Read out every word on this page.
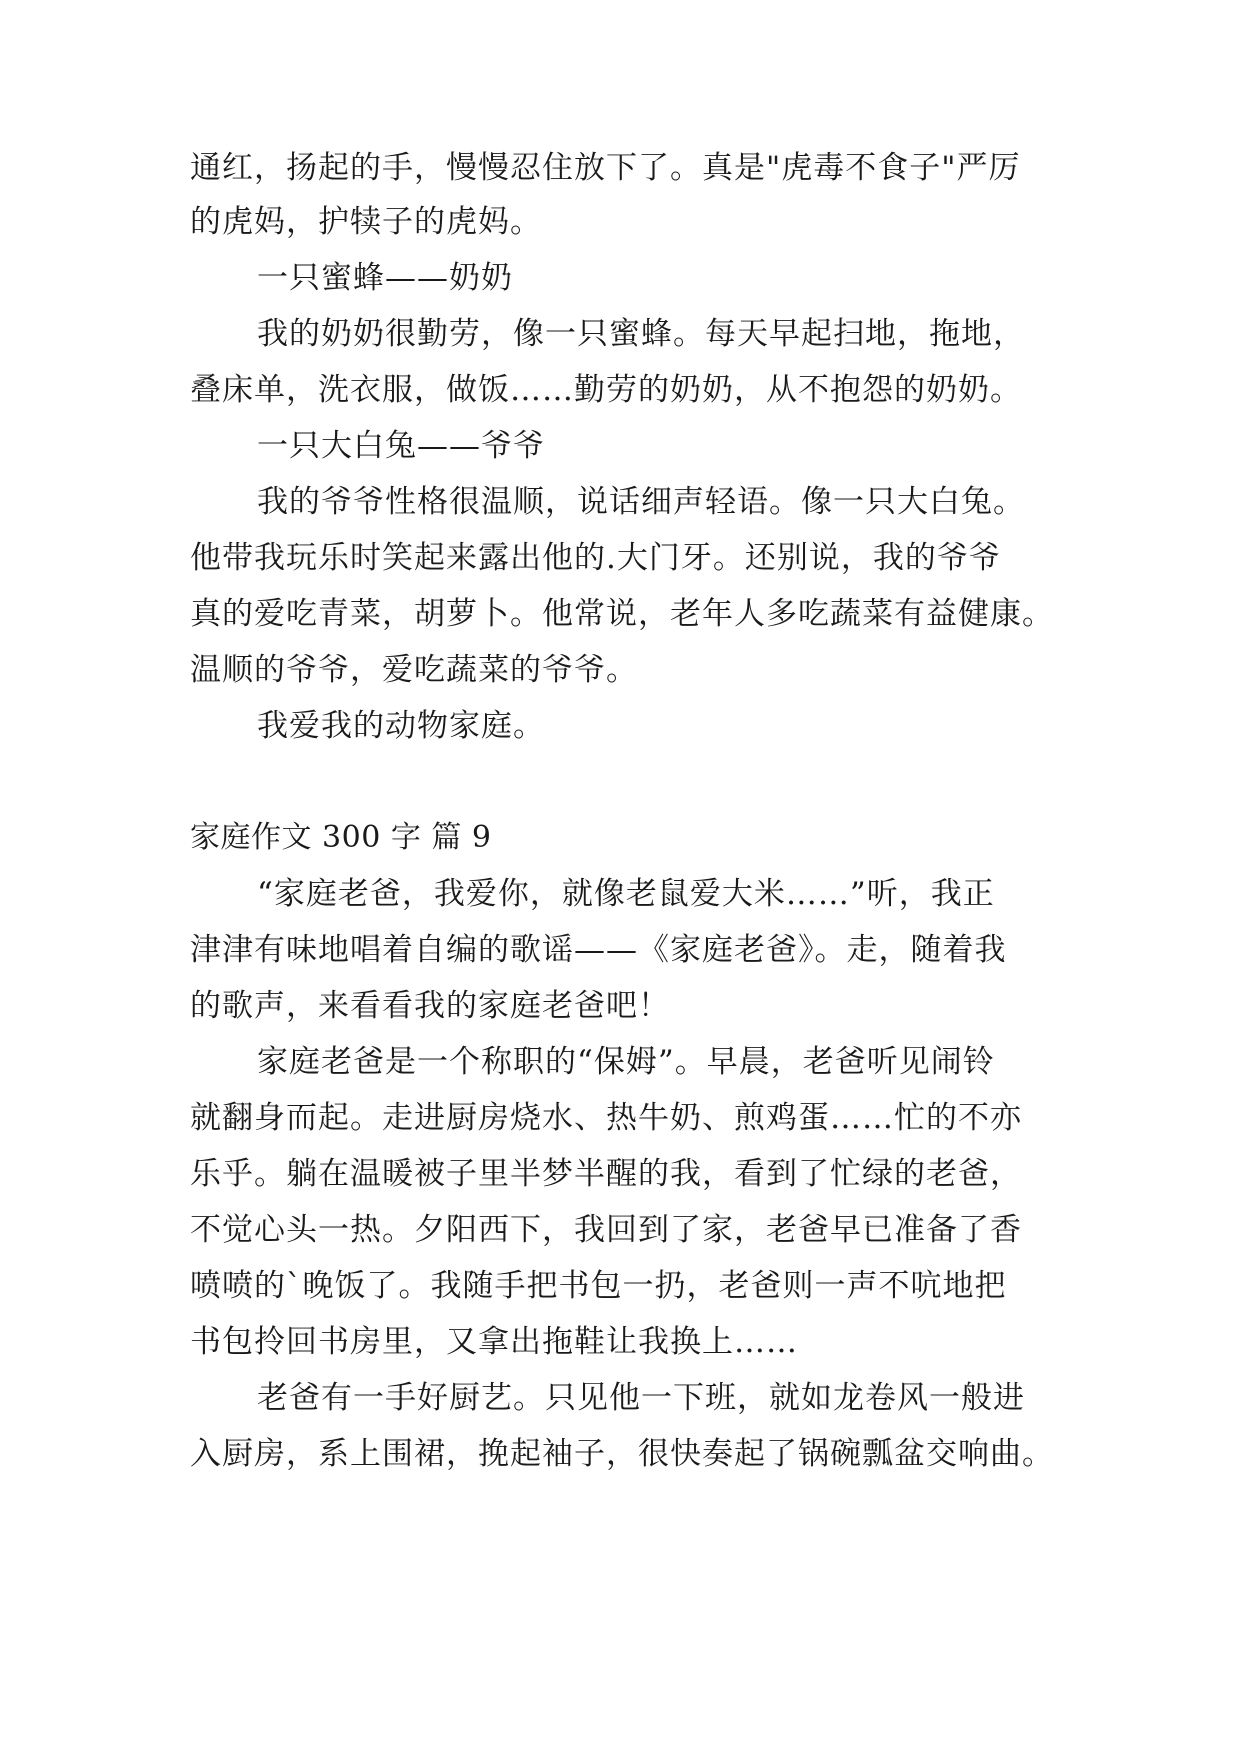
通红，扬起的手，慢慢忍住放下了。真是"虎毒不食子"严厉
的虎妈，护犊子的虎妈。
一只蜜蜂——奶奶
我的奶奶很勤劳，像一只蜜蜂。每天早起扫地，拖地，
叠床单，洗衣服，做饭……勤劳的奶奶，从不抱怨的奶奶。
一只大白兔——爷爷
我的爷爷性格很温顺，说话细声轻语。像一只大白兔。
他带我玩乐时笑起来露出他的.大门牙。还别说，我的爷爷
真的爱吃青菜，胡萝卜。他常说，老年人多吃蔬菜有益健康。
温顺的爷爷，爱吃蔬菜的爷爷。
我爱我的动物家庭。
家庭作文 300 字 篇 9
“家庭老爸，我爱你，就像老鼠爱大米……”听，我正
津津有味地唱着自编的歌谣——《家庭老爸》。走，随着我
的歌声，来看看我的家庭老爸吧！
家庭老爸是一个称职的“保姆”。早晨，老爸听见闹铃
就翻身而起。走进厨房烧水、热牛奶、煎鸡蛋……忙的不亦
乐乎。躺在温暖被子里半梦半醒的我，看到了忙绿的老爸，
不觉心头一热。夕阳西下，我回到了家，老爸早已准备了香
喷喷的`晚饭了。我随手把书包一扔，老爸则一声不吭地把
书包拎回书房里，又拿出拖鞋让我换上……
老爸有一手好厨艺。只见他一下班，就如龙卷风一般进
入厨房，系上围裙，挽起袖子，很快奏起了锅碗瓢盆交响曲。
